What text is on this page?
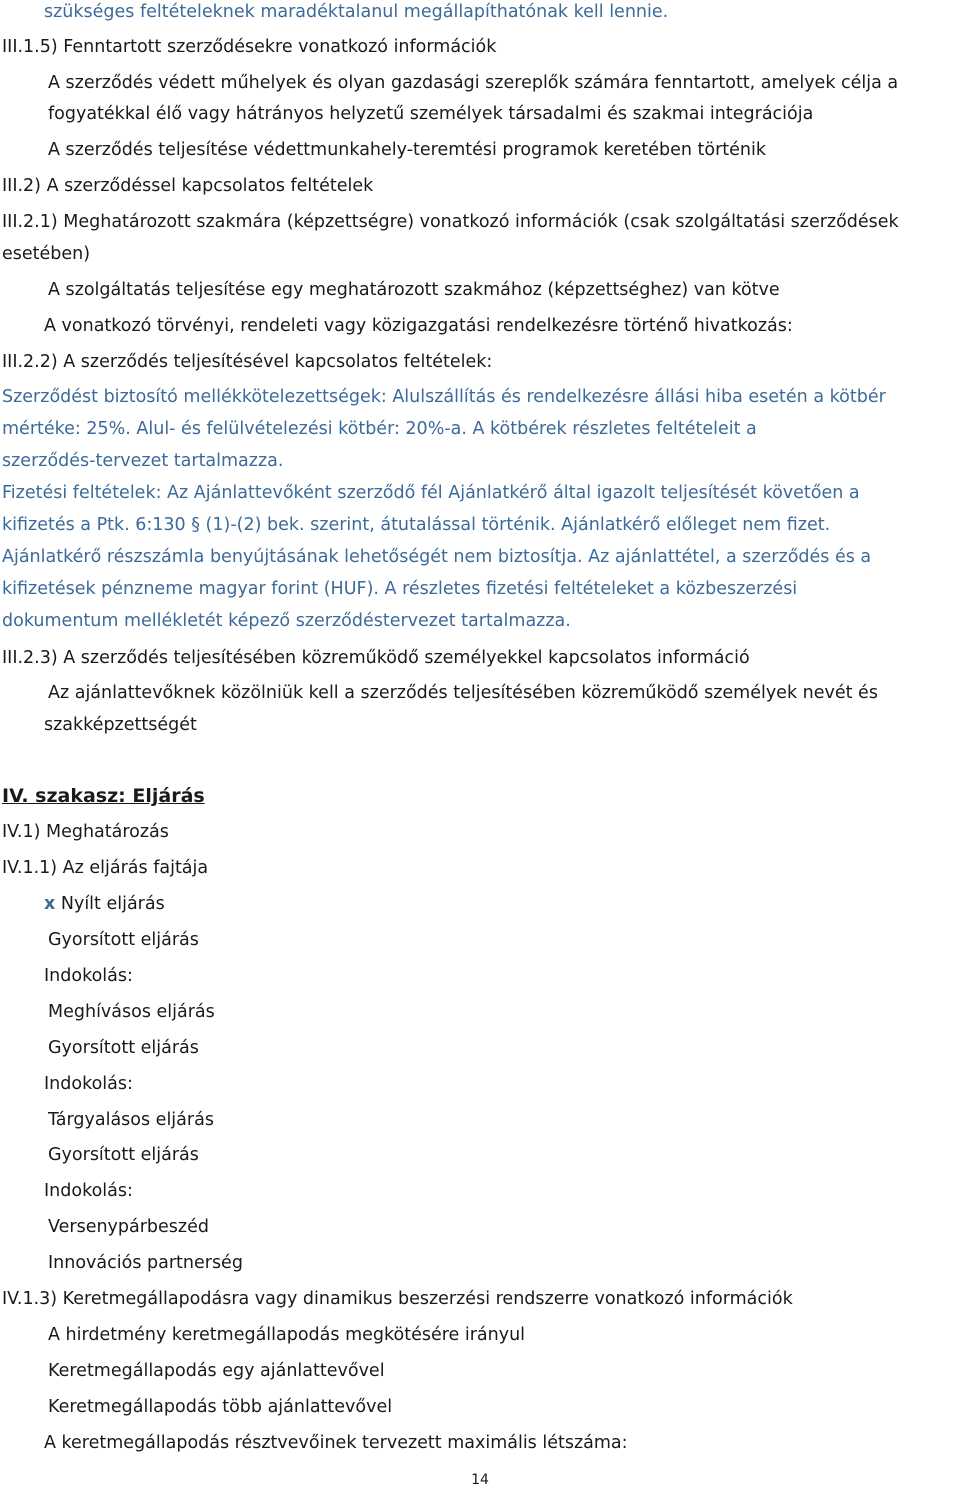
szükséges feltételeknek maradéktalanul megállapíthatónak kell lennie.
III.1.5) Fenntartott szerződésekre vonatkozó információk
A szerződés védett műhelyek és olyan gazdasági szereplők számára fenntartott, amelyek célja a
fogyatékkal élő vagy hátrányos helyzetű személyek társadalmi és szakmai integrációja
A szerződés teljesítése védettmunkahely-teremtési programok keretében történik
III.2) A szerződéssel kapcsolatos feltételek
III.2.1) Meghatározott szakmára (képzettségre) vonatkozó információk (csak szolgáltatási szerződések
esetében)
A szolgáltatás teljesítése egy meghatározott szakmához (képzettséghez) van kötve
A vonatkozó törvényi, rendeleti vagy közigazgatási rendelkezésre történő hivatkozás:
III.2.2) A szerződés teljesítésével kapcsolatos feltételek:
Szerződést biztosító mellékkötelezettségek: Alulszállítás és rendelkezésre állási hiba esetén a kötbér
mértéke: 25%. Alul- és felülvételezési kötbér: 20%-a. A kötbérek részletes feltételeit a
szerződés-tervezet tartalmazza.
Fizetési feltételek: Az Ajánlattevőként szerződő fél Ajánlatkérő által igazolt teljesítését követően a
kifizetés a Ptk. 6:130 § (1)-(2) bek. szerint, átutalással történik. Ajánlatkérő előleget nem fizet.
Ajánlatkérő részszámla benyújtásának lehetőségét nem biztosítja. Az ajánlattétel, a szerződés és a
kifizetések pénzneme magyar forint (HUF). A részletes fizetési feltételeket a közbeszerzési
dokumentum mellékletét képező szerződéstervezet tartalmazza.
III.2.3) A szerződés teljesítésében közreműködő személyekkel kapcsolatos információ
Az ajánlattevőknek közölniük kell a szerződés teljesítésében közreműködő személyek nevét és
szakképzettségét
IV. szakasz: Eljárás
IV.1) Meghatározás
IV.1.1) Az eljárás fajtája
x Nyílt eljárás
Gyorsított eljárás
Indokolás:
Meghívásos eljárás
Gyorsított eljárás
Indokolás:
Tárgyalásos eljárás
Gyorsított eljárás
Indokolás:
Versenypárbeszéd
Innovációs partnerség
IV.1.3) Keretmegállapodásra vagy dinamikus beszerzési rendszerre vonatkozó információk
A hirdetmény keretmegállapodás megkötésére irányul
Keretmegállapodás egy ajánlattevővel
Keretmegállapodás több ajánlattevővel
A keretmegállapodás résztvevőinek tervezett maximális létszáma:
14
